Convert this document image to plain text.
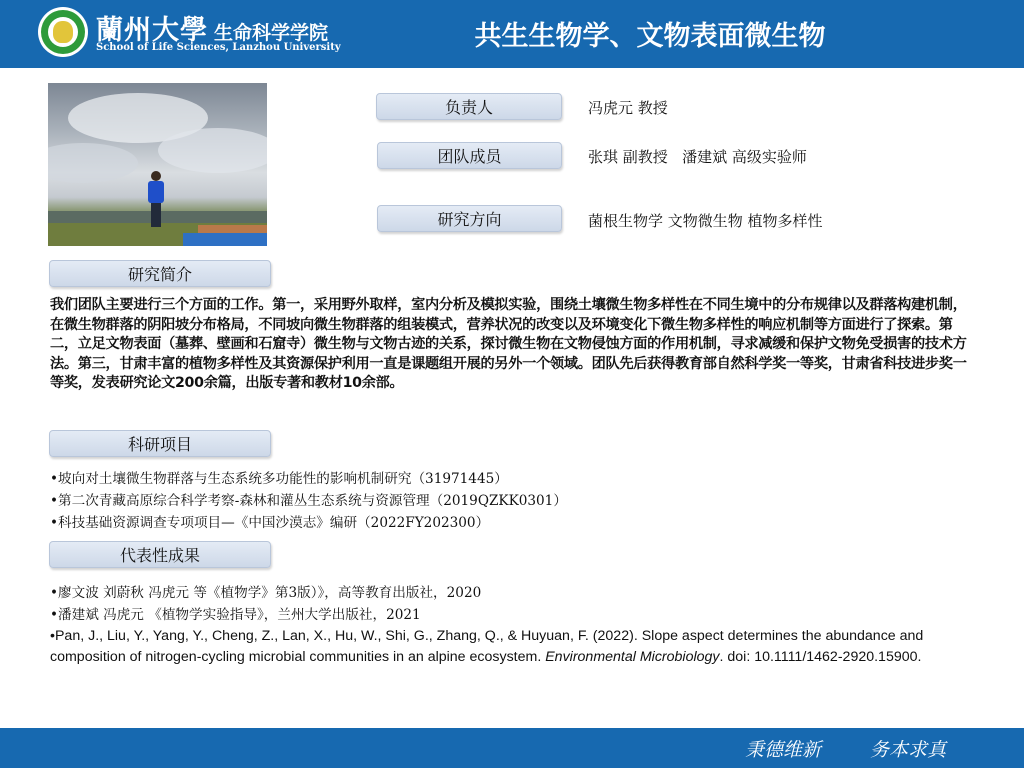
蘭州大學 生命科学学院
School of Life Sciences, Lanzhou University	共生生物学、文物表面微生物
负责人	冯虎元 教授
团队成员	张琪 副教授   潘建斌 高级实验师
研究方向	菌根生物学 文物微生物 植物多样性
研究简介
我们团队主要进行三个方面的工作。第一，采用野外取样，室内分析及模拟实验，围绕土壤微生物多样性在不同生境中的分布规律以及群落构建机制，在微生物群落的阴阳坡分布格局，不同坡向微生物群落的组装模式，营养状况的改变以及环境变化下微生物多样性的响应机制等方面进行了探索。第二，立足文物表面（墓葬、壁画和石窟寺）微生物与文物古迹的关系，探讨微生物在文物侵蚀方面的作用机制，寻求减缓和保护文物免受损害的技术方法。第三，甘肃丰富的植物多样性及其资源保护利用一直是课题组开展的另外一个领域。团队先后获得教育部自然科学奖一等奖，甘肃省科技进步奖一等奖，发表研究论文200余篇，出版专著和教材10余部。
科研项目
•坡向对土壤微生物群落与生态系统多功能性的影响机制研究（31971445）
•第二次青藏高原综合科学考察-森林和灌丛生态系统与资源管理（2019QZKK0301）
•科技基础资源调查专项项目—《中国沙漠志》编研（2022FY202300）
代表性成果
•廖文波 刘蔚秋 冯虎元 等《植物学》第3版）》，高等教育出版社，2020
•潘建斌 冯虎元 《植物学实验指导》，兰州大学出版社，2021
•Pan, J., Liu, Y., Yang, Y., Cheng, Z., Lan, X., Hu, W., Shi, G., Zhang, Q., & Huyuan, F. (2022). Slope aspect determines the abundance and composition of nitrogen-cycling microbial communities in an alpine ecosystem. Environmental Microbiology. doi: 10.1111/1462-2920.15900.
秉德维新	务本求真
